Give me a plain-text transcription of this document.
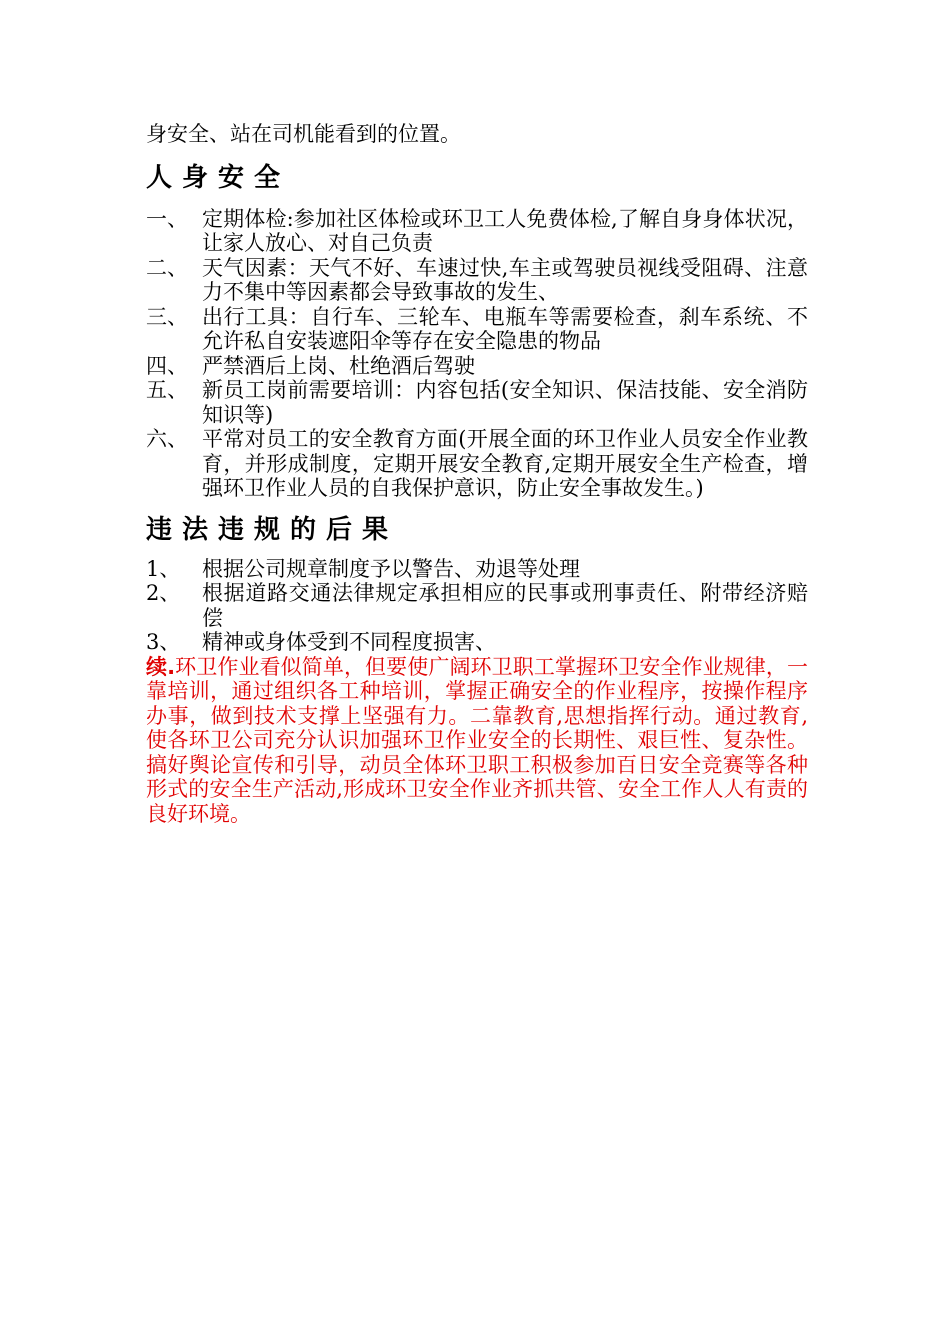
身安全、站在司机能看到的位置。

人身安全
一、 定期体检:参加社区体检或环卫工人免费体检,了解自身身体状况，让家人放心、对自己负责
二、 天气因素：天气不好、车速过快,车主或驾驶员视线受阻碍、注意力不集中等因素都会导致事故的发生、
三、 出行工具：自行车、三轮车、电瓶车等需要检查，刹车系统、不允许私自安装遮阳伞等存在安全隐患的物品
四、 严禁酒后上岗、杜绝酒后驾驶
五、 新员工岗前需要培训：内容包括(安全知识、保洁技能、安全消防知识等)
六、 平常对员工的安全教育方面(开展全面的环卫作业人员安全作业教育，并形成制度，定期开展安全教育,定期开展安全生产检查，增强环卫作业人员的自我保护意识，防止安全事故发生。)
违法违规的后果
1、	根据公司规章制度予以警告、劝退等处理
2、	根据道路交通法律规定承担相应的民事或刑事责任、附带经济赔偿
3、	精神或身体受到不同程度损害、

续.环卫作业看似简单，但要使广阔环卫职工掌握环卫安全作业规律，一靠培训，通过组织各工种培训，掌握正确安全的作业程序，按操作程序办事，做到技术支撑上坚强有力。二靠教育,思想指挥行动。通过教育,使各环卫公司充分认识加强环卫作业安全的长期性、艰巨性、复杂性。搞好舆论宣传和引导，动员全体环卫职工积极参加百日安全竞赛等各种形式的安全生产活动,形成环卫安全作业齐抓共管、安全工作人人有责的良好环境。
